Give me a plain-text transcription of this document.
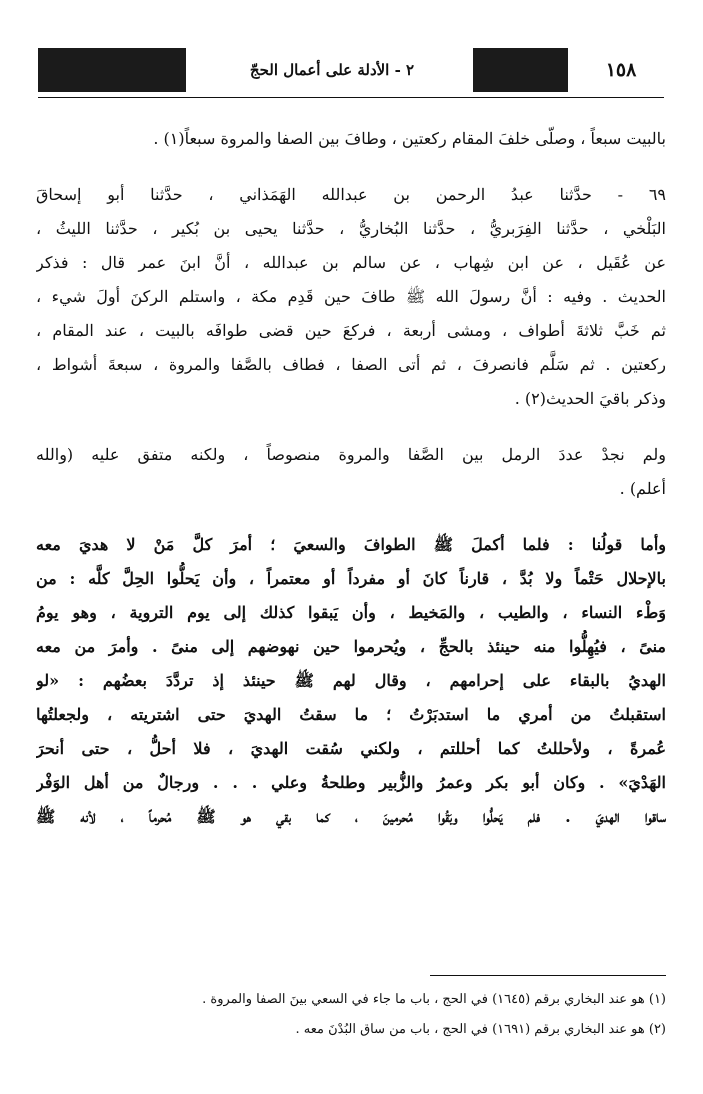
٢ - الأدلة على أعمال الحجّ	١٥٨
بالبيت سبعاً ، وصلّى خلفَ المقام ركعتين ، وطافَ بين الصفا والمروة سبعاً(١) .
٦٩ - حدَّثنا عبدُ الرحمن بن عبدالله الهَمَذاني ، حدَّثنا أبو إسحاقَ
البَلْخي ، حدَّثنا الفِرَبريُّ ، حدَّثنا البُخاريُّ ، حدَّثنا يحيى بن بُكير ، حدَّثنا الليثُ ،
عن عُقَيل ، عن ابن شِهاب ، عن سالم بن عبدالله ، أنَّ ابنَ عمر قال : فذكر
الحديث . وفيه : أنَّ رسولَ الله ﷺ طافَ حين قَدِم مكة ، واستلم الركنَ أولَ شيء ،
ثم خَبَّ ثلاثةَ أطواف ، ومشى أربعة ، فركعَ حين قضى طوافَه بالبيت ، عند المقام ،
ركعتين . ثم سَلَّم فانصرفَ ، ثم أتى الصفا ، فطاف بالصَّفا والمروة ، سبعةَ أشواط ،
وذكر باقيَ الحديث(٢) .
ولم نجدْ عددَ الرمل بين الصَّفا والمروة منصوصاً ، ولكنه متفق عليه (والله
أعلم) .
وأما قولُنا : فلما أكملَ ﷺ الطوافَ والسعيَ ؛ أمرَ كلَّ مَنْ لا هديَ معه
بالإحلال حَتْماً ولا بُدَّ ، قارناً كانَ أو مفرداً أو معتمراً ، وأن يَحلُّوا الحِلَّ كلَّه : من
وَطْء النساء ، والطيب ، والمَخيط ، وأن يَبقوا كذلك إلى يوم التروية ، وهو يومُ
منىً ، فيُهِلُّوا منه حينئذ بالحجِّ ، ويُحرموا حين نهوضهم إلى منىً . وأمرَ من معه
الهديُ بالبقاء على إحرامهم ، وقال لهم ﷺ حينئذ إذ تردَّدَ بعضُهم : «لو
استقبلتُ من أمري ما استدبَرْتُ ؛ ما سقتُ الهديَ حتى اشتريته ، ولجعلتُها
عُمرةً ، ولأحللتُ كما أحللتم ، ولكني سُقت الهديَ ، فلا أحلُّ ، حتى أنحرَ
الهَدْيَ» . وكان أبو بكر وعمرُ والزُّبير وطلحةُ وعلي . . . ورجالٌ من أهل الوَفْر
ساقوا الهديَ . فلم يَحلُّوا وبَقُوا مُحرمينَ ، كما بقي هو ﷺ مُحرماً ، لأنه ﷺ
(١) هو عند البخاري برقم (١٦٤٥) في الحج ، باب ما جاء في السعي بينَ الصفا والمروة .
(٢) هو عند البخاري برقم (١٦٩١) في الحج ، باب من ساق البُدْنَ معه .
